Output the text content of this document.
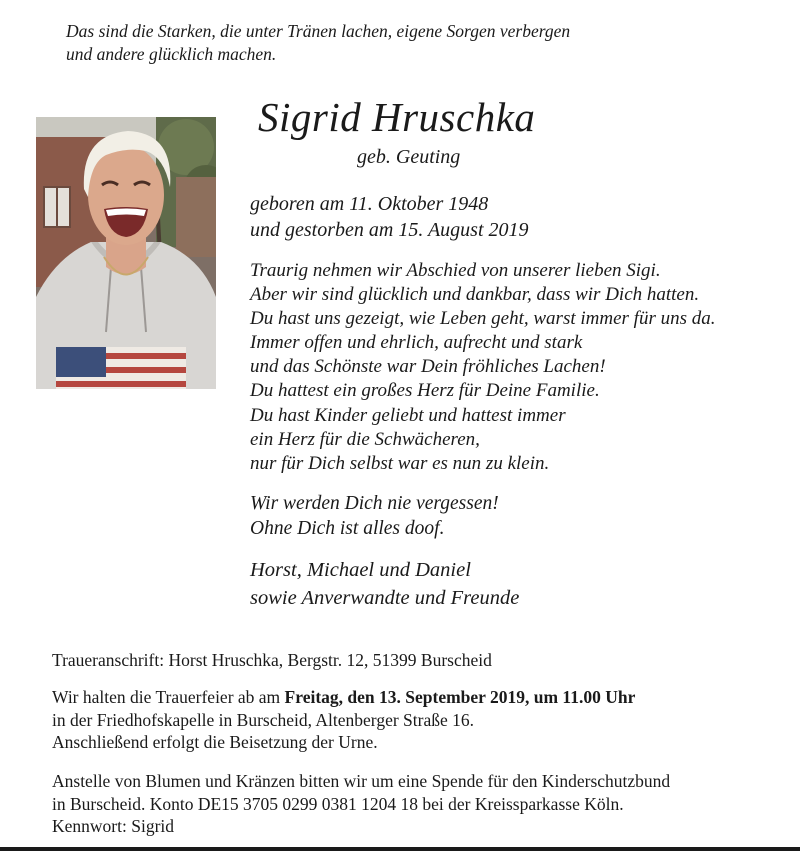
Das sind die Starken, die unter Tränen lachen, eigene Sorgen verbergen
und andere glücklich machen.
Sigrid Hruschka
geb. Geuting
geboren am 11. Oktober 1948
und gestorben am 15. August 2019
Traurig nehmen wir Abschied von unserer lieben Sigi.
Aber wir sind glücklich und dankbar, dass wir Dich hatten.
Du hast uns gezeigt, wie Leben geht, warst immer für uns da.
Immer offen und ehrlich, aufrecht und stark
und das Schönste war Dein fröhliches Lachen!
Du hattest ein großes Herz für Deine Familie.
Du hast Kinder geliebt und hattest immer
ein Herz für die Schwächeren,
nur für Dich selbst war es nun zu klein.
Wir werden Dich nie vergessen!
Ohne Dich ist alles doof.
Horst, Michael und Daniel
sowie Anverwandte und Freunde
Traueranschrift: Horst Hruschka, Bergstr. 12, 51399 Burscheid
Wir halten die Trauerfeier ab am Freitag, den 13. September 2019, um 11.00 Uhr
in der Friedhofskapelle in Burscheid, Altenberger Straße 16.
Anschließend erfolgt die Beisetzung der Urne.
Anstelle von Blumen und Kränzen bitten wir um eine Spende für den Kinderschutzbund
in Burscheid. Konto DE15 3705 0299 0381 1204 18 bei der Kreissparkasse Köln.
Kennwort: Sigrid
